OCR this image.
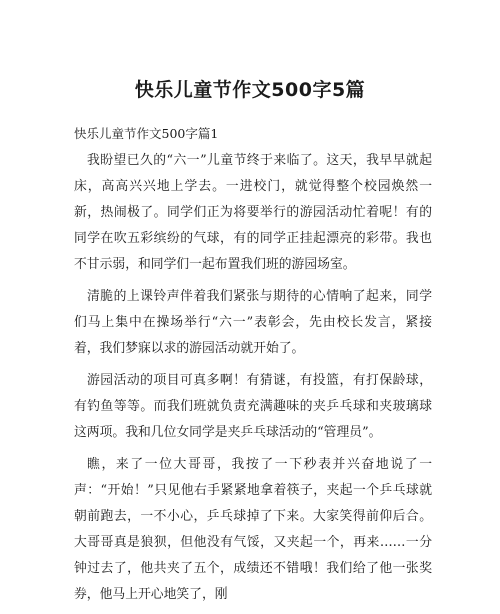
快乐儿童节作文500字5篇

快乐儿童节作文500字篇1

我盼望已久的“六一”儿童节终于来临了。这天，我早早就起床，高高兴兴地上学去。一进校门，就觉得整个校园焕然一新，热闹极了。同学们正为将要举行的游园活动忙着呢！有的同学在吹五彩缤纷的气球，有的同学正挂起漂亮的彩带。我也不甘示弱，和同学们一起布置我们班的游园场室。

清脆的上课铃声伴着我们紧张与期待的心情响了起来，同学们马上集中在操场举行“六一”表彰会，先由校长发言，紧接着，我们梦寐以求的游园活动就开始了。

游园活动的项目可真多啊！有猜谜，有投篮，有打保龄球，有钓鱼等等。而我们班就负责充满趣味的夹乒乓球和夹玻璃球这两项。我和几位女同学是夹乒乓球活动的“管理员”。

瞧，来了一位大哥哥，我按了一下秒表并兴奋地说了一声：“开始！”只见他右手紧紧地拿着筷子，夹起一个乒乓球就朝前跑去，一不小心，乒乓球掉了下来。大家笑得前仰后合。大哥哥真是狼狈，但他没有气馁，又夹起一个，再来……一分钟过去了，他共夹了五个，成绩还不错哦！我们给了他一张奖券，他马上开心地笑了，刚
